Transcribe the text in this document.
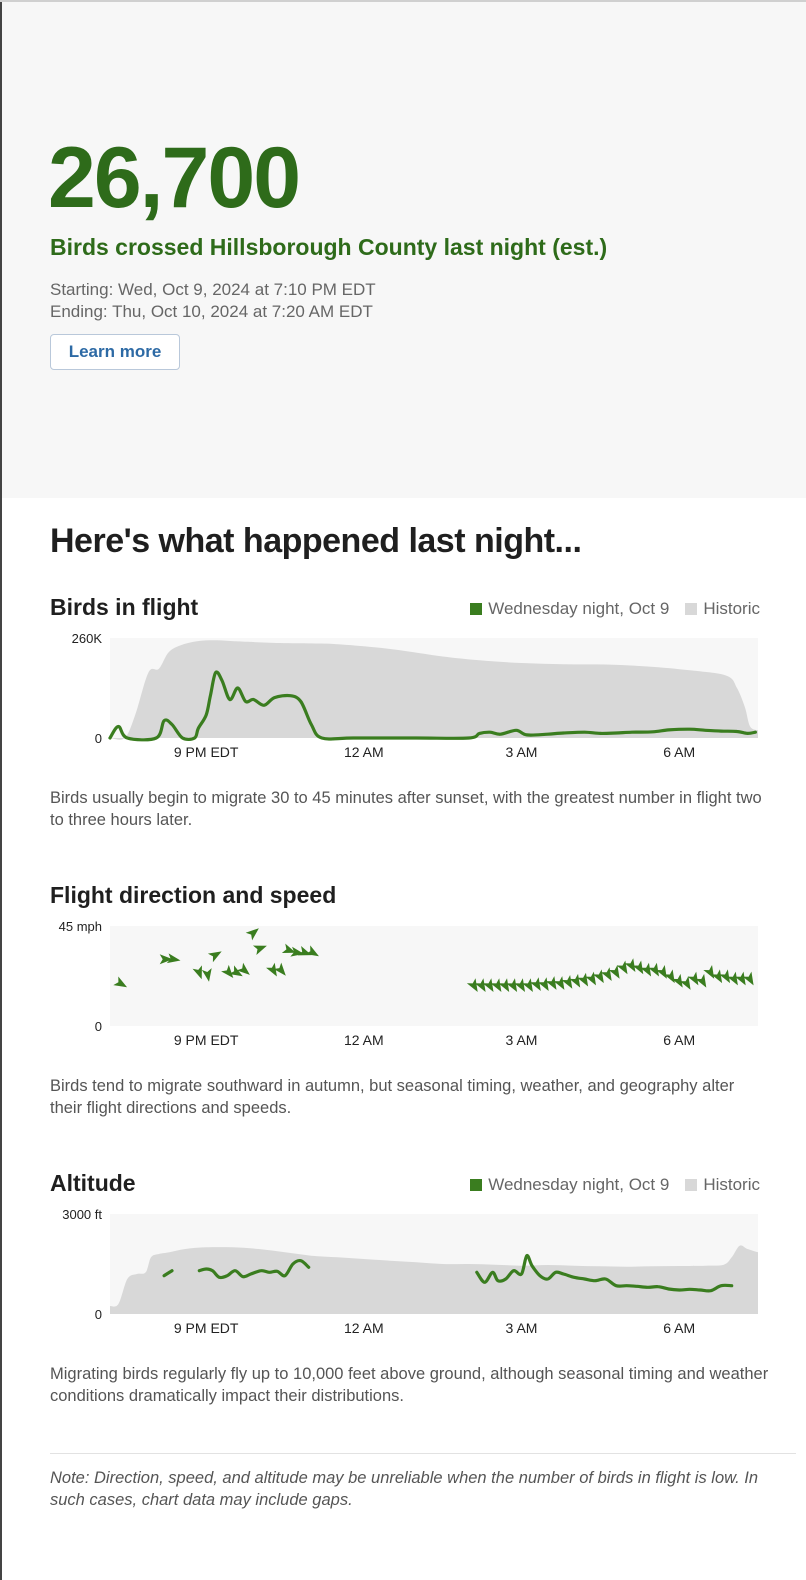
26,700
Birds crossed Hillsborough County last night (est.)
Starting: Wed, Oct 9, 2024 at 7:10 PM EDT
Ending: Thu, Oct 10, 2024 at 7:20 AM EDT
Learn more
Here's what happened last night...
Birds in flight	Wednesday night, Oct 9 Historic
0
260K
9 PM EDT	12 AM	3 AM	6 AM
Birds usually begin to migrate 30 to 45 minutes after sunset, with the greatest number in flight two to three hours later.
Flight direction and speed
0
45 mph
9 PM EDT	12 AM	3 AM	6 AM
Birds tend to migrate southward in autumn, but seasonal timing, weather, and geography alter their flight directions and speeds.
Altitude	Wednesday night, Oct 9 Historic
0
3000 ft
9 PM EDT	12 AM	3 AM	6 AM
Migrating birds regularly fly up to 10,000 feet above ground, although seasonal timing and weather conditions dramatically impact their distributions.
Note: Direction, speed, and altitude may be unreliable when the number of birds in flight is low. In such cases, chart data may include gaps.
